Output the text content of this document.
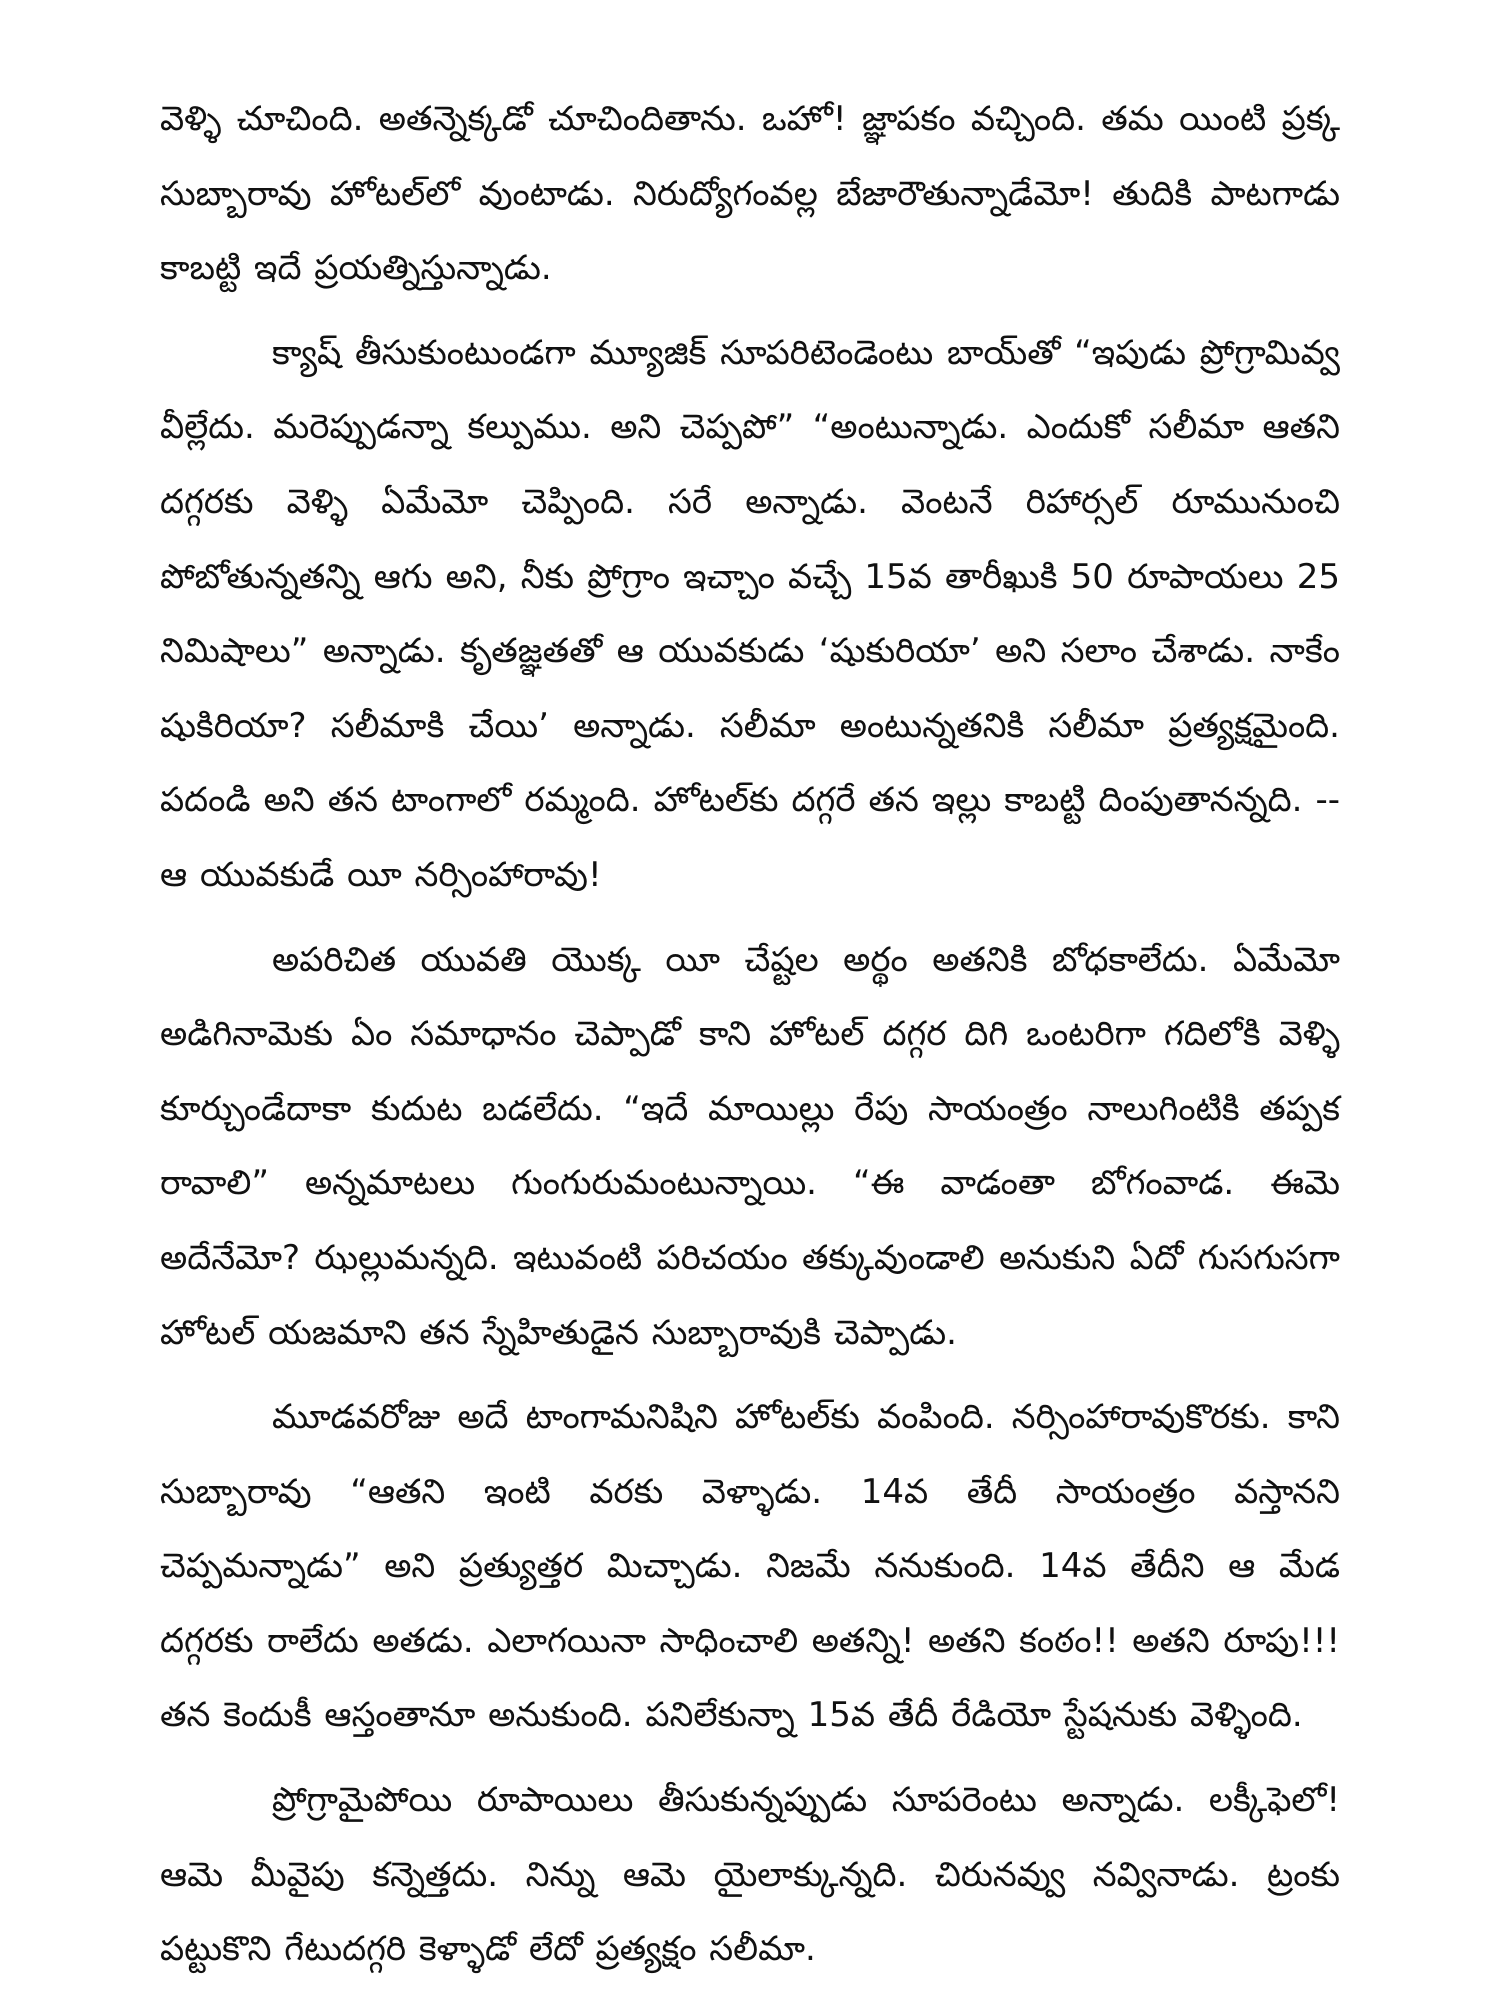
వెళ్ళి చూచింది. అతన్నెక్కడో చూచిందితాను. ఒహో! జ్ఞాపకం వచ్చింది. తమ యింటి ప్రక్క సుబ్బారావు హోటల్‌లో వుంటాడు. నిరుద్యోగంవల్ల బేజారౌతున్నాడేమో! తుదికి పాటగాడు కాబట్టి ఇదే ప్రయత్నిస్తున్నాడు.

క్యాష్ తీసుకుంటుండగా మ్యూజిక్ సూపరిటెండెంటు బాయ్‌తో “ఇపుడు ప్రోగ్రామివ్వ వీల్లేదు. మరెప్పుడన్నా కల్పుము. అని చెప్పపో” “అంటున్నాడు. ఎందుకో సలీమా ఆతని దగ్గరకు వెళ్ళి ఏమేమో చెప్పింది. సరే అన్నాడు. వెంటనే రిహార్సల్ రూమునుంచి పోబోతున్నతన్ని ఆగు అని, నీకు ప్రోగ్రాం ఇచ్చాం వచ్చే 15వ తారీఖుకి 50 రూపాయలు 25 నిమిషాలు” అన్నాడు. కృతజ్ఞతతో ఆ యువకుడు ‘షుకురియా’ అని సలాం చేశాడు. నాకేం షుకిరియా? సలీమాకి చేయి’ అన్నాడు. సలీమా అంటున్నతనికి సలీమా ప్రత్యక్షమైంది. పదండి అని తన టాంగాలో రమ్మంది. హోటల్‌కు దగ్గరే తన ఇల్లు కాబట్టి దింపుతానన్నది. -- ఆ యువకుడే యీ నర్సింహారావు!

అపరిచిత యువతి యొక్క యీ చేష్టల అర్థం అతనికి బోధకాలేదు. ఏమేమో అడిగినామెకు ఏం సమాధానం చెప్పాడో కాని హోటల్ దగ్గర దిగి ఒంటరిగా గదిలోకి వెళ్ళి కూర్చుండేదాకా కుదుట బడలేదు. “ఇదే మాయిల్లు రేపు సాయంత్రం నాలుగింటికి తప్పక రావాలి” అన్నమాటలు గుంగురుమంటున్నాయి. “ఈ వాడంతా బోగంవాడ. ఈమె అదేనేమో? ఝల్లుమన్నది. ఇటువంటి పరిచయం తక్కువుండాలి అనుకుని ఏదో గుసగుసగా హోటల్ యజమాని తన స్నేహితుడైన సుబ్బారావుకి చెప్పాడు.

మూడవరోజు అదే టాంగామనిషిని హోటల్‌కు వంపింది. నర్సింహారావుకొరకు. కాని సుబ్బారావు “ఆతని ఇంటి వరకు వెళ్ళాడు. 14వ తేదీ సాయంత్రం వస్తానని చెప్పమన్నాడు” అని ప్రత్యుత్తర మిచ్చాడు. నిజమే ననుకుంది. 14వ తేదీని ఆ మేడ దగ్గరకు రాలేదు అతడు. ఎలాగయినా సాధించాలి అతన్ని! అతని కంఠం!! అతని రూపు!!! తన కెందుకీ ఆస్తంతానూ అనుకుంది. పనిలేకున్నా 15వ తేదీ రేడియో స్టేషనుకు వెళ్ళింది.

ప్రోగ్రామైపోయి రూపాయిలు తీసుకున్నప్పుడు సూపరెంటు అన్నాడు. లక్కీఫెలో! ఆమె మీవైపు కన్నెత్తదు. నిన్ను ఆమె యైలాక్కున్నది. చిరునవ్వు నవ్వినాడు. ట్రంకు పట్టుకొని గేటుదగ్గరి కెళ్ళాడో లేదో ప్రత్యక్షం సలీమా.
